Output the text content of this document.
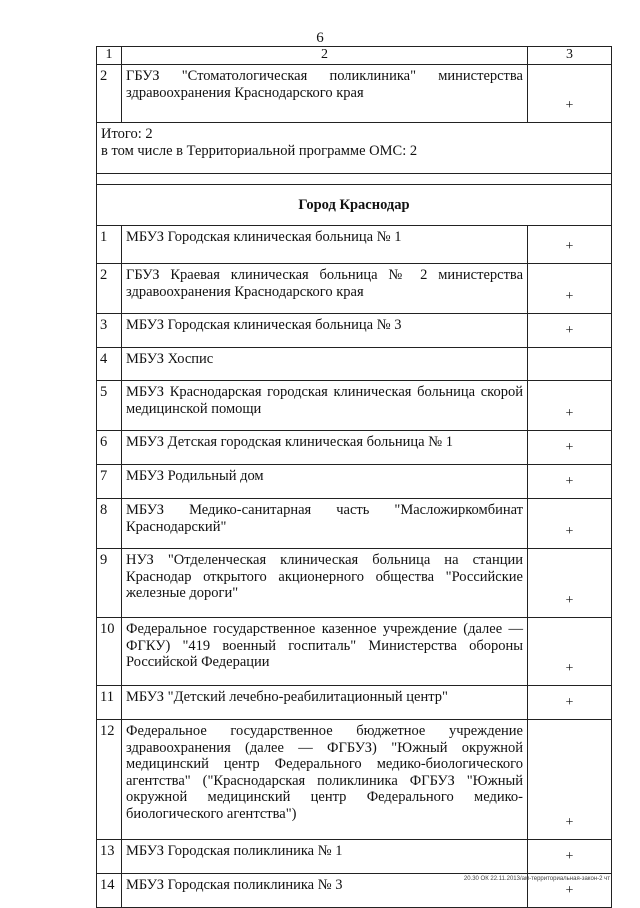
6
1	2	3
2	ГБУЗ "Стоматологическая поликлиника" министерства здравоохранения Краснодарского края	+

Итого: 2
в том числе в Территориальной программе ОМС: 2		

Город Краснодар		
1	МБУЗ Городская клиническая больница № 1	+
2	ГБУЗ Краевая клиническая больница № 2 министерства здравоохранения Краснодарского края	+
3	МБУЗ Городская клиническая больница № 3	+
4	МБУЗ Хоспис	
5	МБУЗ Краснодарская городская клиническая больница скорой медицинской помощи	+
6	МБУЗ Детская городская клиническая больница № 1	+
7	МБУЗ Родильный дом	+
8	МБУЗ Медико-санитарная часть "Масложиркомбинат Краснодарский"	+
9	НУЗ "Отделенческая клиническая больница на станции Краснодар открытого акционерного общества "Российские железные дороги"	+
10	Федеральное государственное казенное учреждение (далее — ФГКУ) "419 военный госпиталь" Министерства обороны Российской Федерации	+
11	МБУЗ "Детский лечебно-реабилитационный центр"	+
12	Федеральное государственное бюджетное учреждение здравоохранения (далее — ФГБУЗ) "Южный окружной медицинский центр Федерального медико-биологического агентства" ("Краснодарская поликлиника ФГБУЗ "Южный окружной медицинский центр Федерального медико-биологического агентства")	+
13	МБУЗ Городская поликлиника № 1	+
14	МБУЗ Городская поликлиника № 3	+
20.30 ОК 22.11.2013/ам-территориальная-закон-2 чт
